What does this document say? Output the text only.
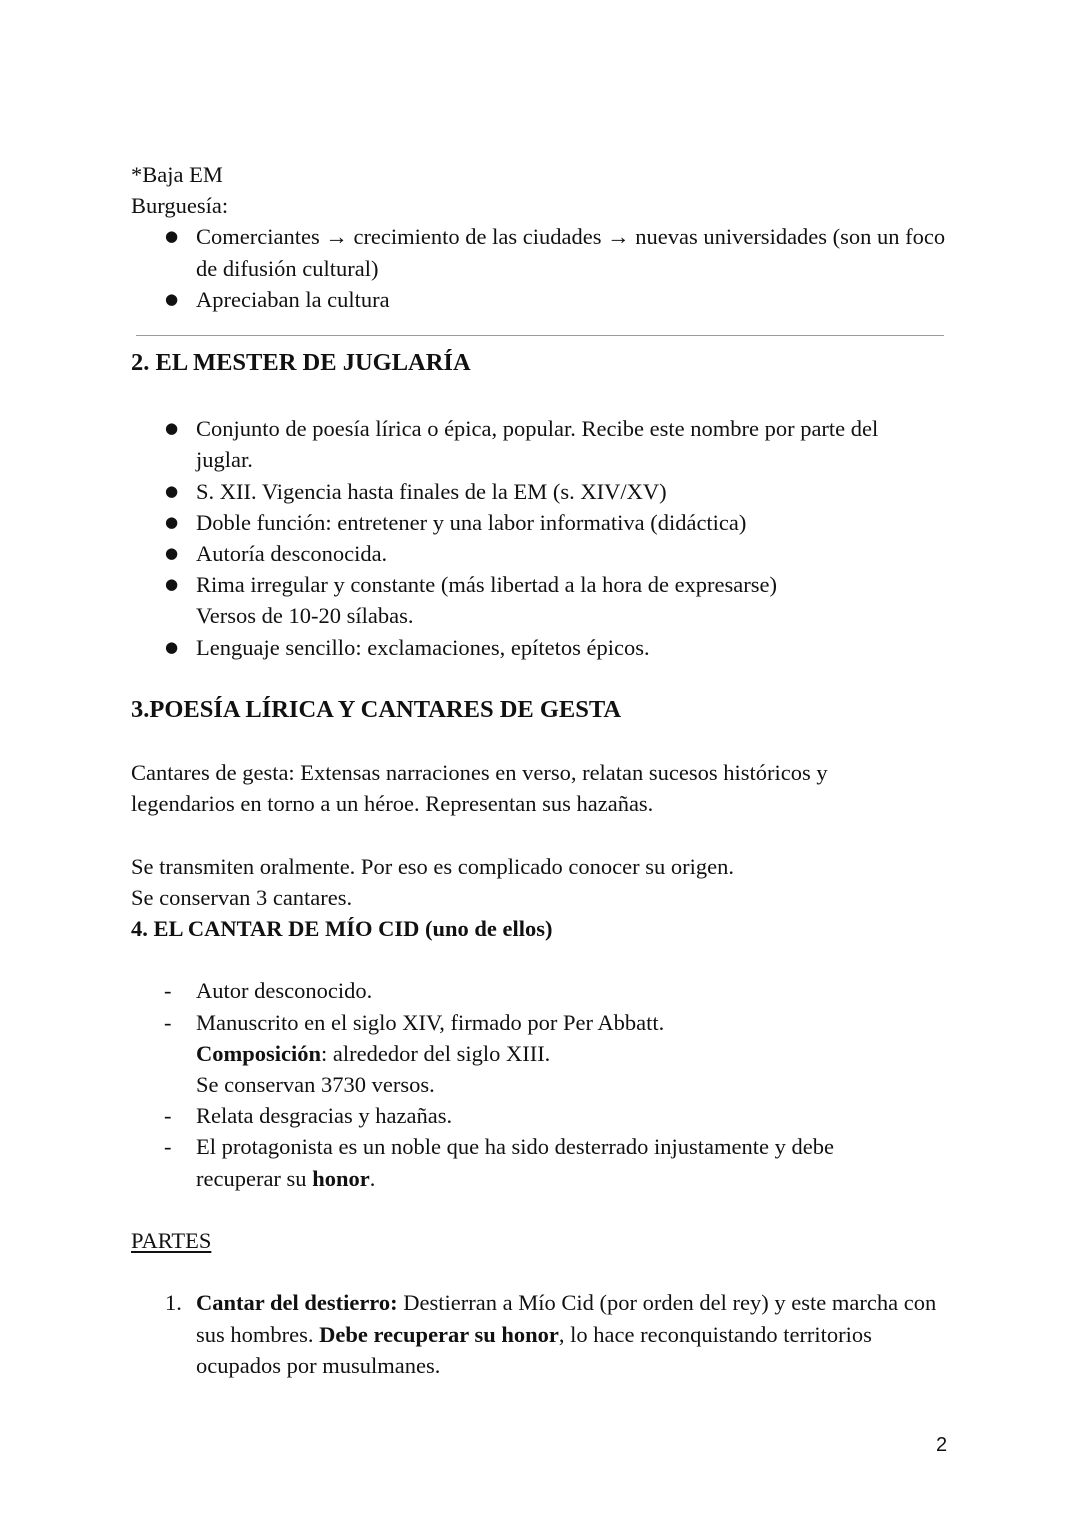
*Baja EM

Burguesía:

● Comerciantes → crecimiento de las ciudades → nuevas universidades (son un foco de difusión cultural)
● Apreciaban la cultura
2. EL MESTER DE JUGLARÍA
● Conjunto de poesía lírica o épica, popular. Recibe este nombre por parte del juglar.
● S. XII. Vigencia hasta finales de la EM (s. XIV/XV)
● Doble función: entretener y una labor informativa (didáctica)
● Autoría desconocida.
● Rima irregular y constante (más libertad a la hora de expresarse)
Versos de 10-20 sílabas.
● Lenguaje sencillo: exclamaciones, epítetos épicos.
3.POESÍA LÍRICA Y CANTARES DE GESTA

Cantares de gesta: Extensas narraciones en verso, relatan sucesos históricos y legendarios en torno a un héroe. Representan sus hazañas.

Se transmiten oralmente. Por eso es complicado conocer su origen.

Se conservan 3 cantares.

4. EL CANTAR DE MÍO CID (uno de ellos)

- Autor desconocido.
- Manuscrito en el siglo XIV, firmado por Per Abbatt.
Composición: alrededor del siglo XIII.
Se conservan 3730 versos.
- Relata desgracias y hazañas.
- El protagonista es un noble que ha sido desterrado injustamente y debe recuperar su honor.

PARTES

1. Cantar del destierro: Destierran a Mío Cid (por orden del rey) y este marcha con sus hombres. Debe recuperar su honor, lo hace reconquistando territorios ocupados por musulmanes.
2
